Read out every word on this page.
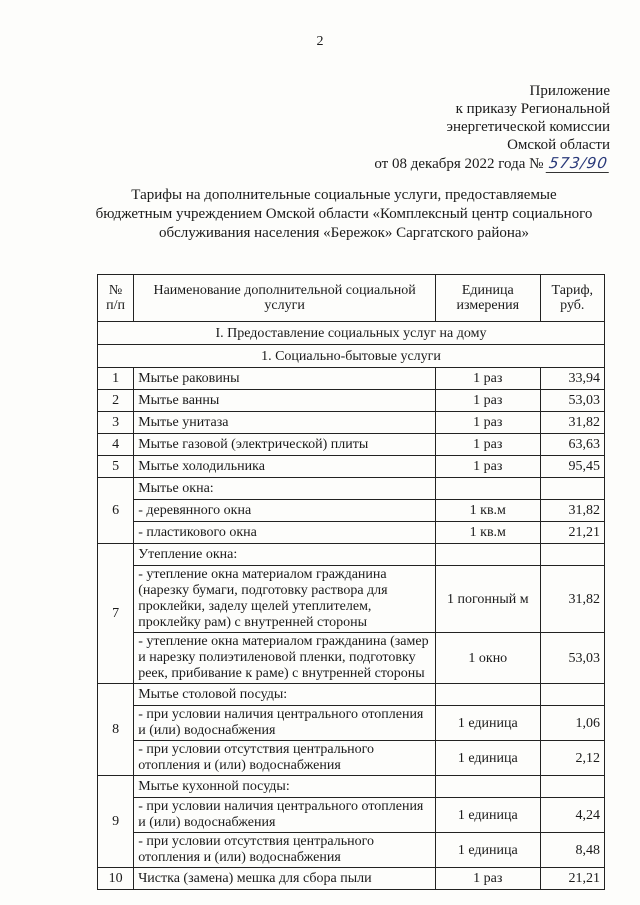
2
Приложение
к приказу Региональной
энергетической комиссии
Омской области
от 08 декабря 2022 года № 573/90
Тарифы на дополнительные социальные услуги, предоставляемые
бюджетным учреждением Омской области «Комплексный центр социального
обслуживания населения «Бережок» Саргатского района»
№ п/п	Наименование дополнительной социальной услуги	Единица измерения	Тариф, руб.
I. Предоставление социальных услуг на дому			
1. Социально-бытовые услуги			
1	Мытье раковины	1 раз	33,94
2	Мытье ванны	1 раз	53,03
3	Мытье унитаза	1 раз	31,82
4	Мытье газовой (электрической) плиты	1 раз	63,63
5	Мытье холодильника	1 раз	95,45
6	Мытье окна:		
	- деревянного окна	1 кв.м	31,82
	- пластикового окна	1 кв.м	21,21
7	Утепление окна:		
	- утепление окна материалом гражданина (нарезку бумаги, подготовку раствора для проклейки, заделу щелей утеплителем, проклейку рам) с внутренней стороны	1 погонный м	31,82
	- утепление окна материалом гражданина (замер и нарезку полиэтиленовой пленки, подготовку реек, прибивание к раме) с внутренней стороны	1 окно	53,03
8	Мытье столовой посуды:		
	- при условии наличия центрального отопления и (или) водоснабжения	1 единица	1,06
	- при условии отсутствия центрального отопления и (или) водоснабжения	1 единица	2,12
9	Мытье кухонной посуды:		
	- при условии наличия центрального отопления и (или) водоснабжения	1 единица	4,24
	- при условии отсутствия центрального отопления и (или) водоснабжения	1 единица	8,48
10	Чистка (замена) мешка для сбора пыли	1 раз	21,21
